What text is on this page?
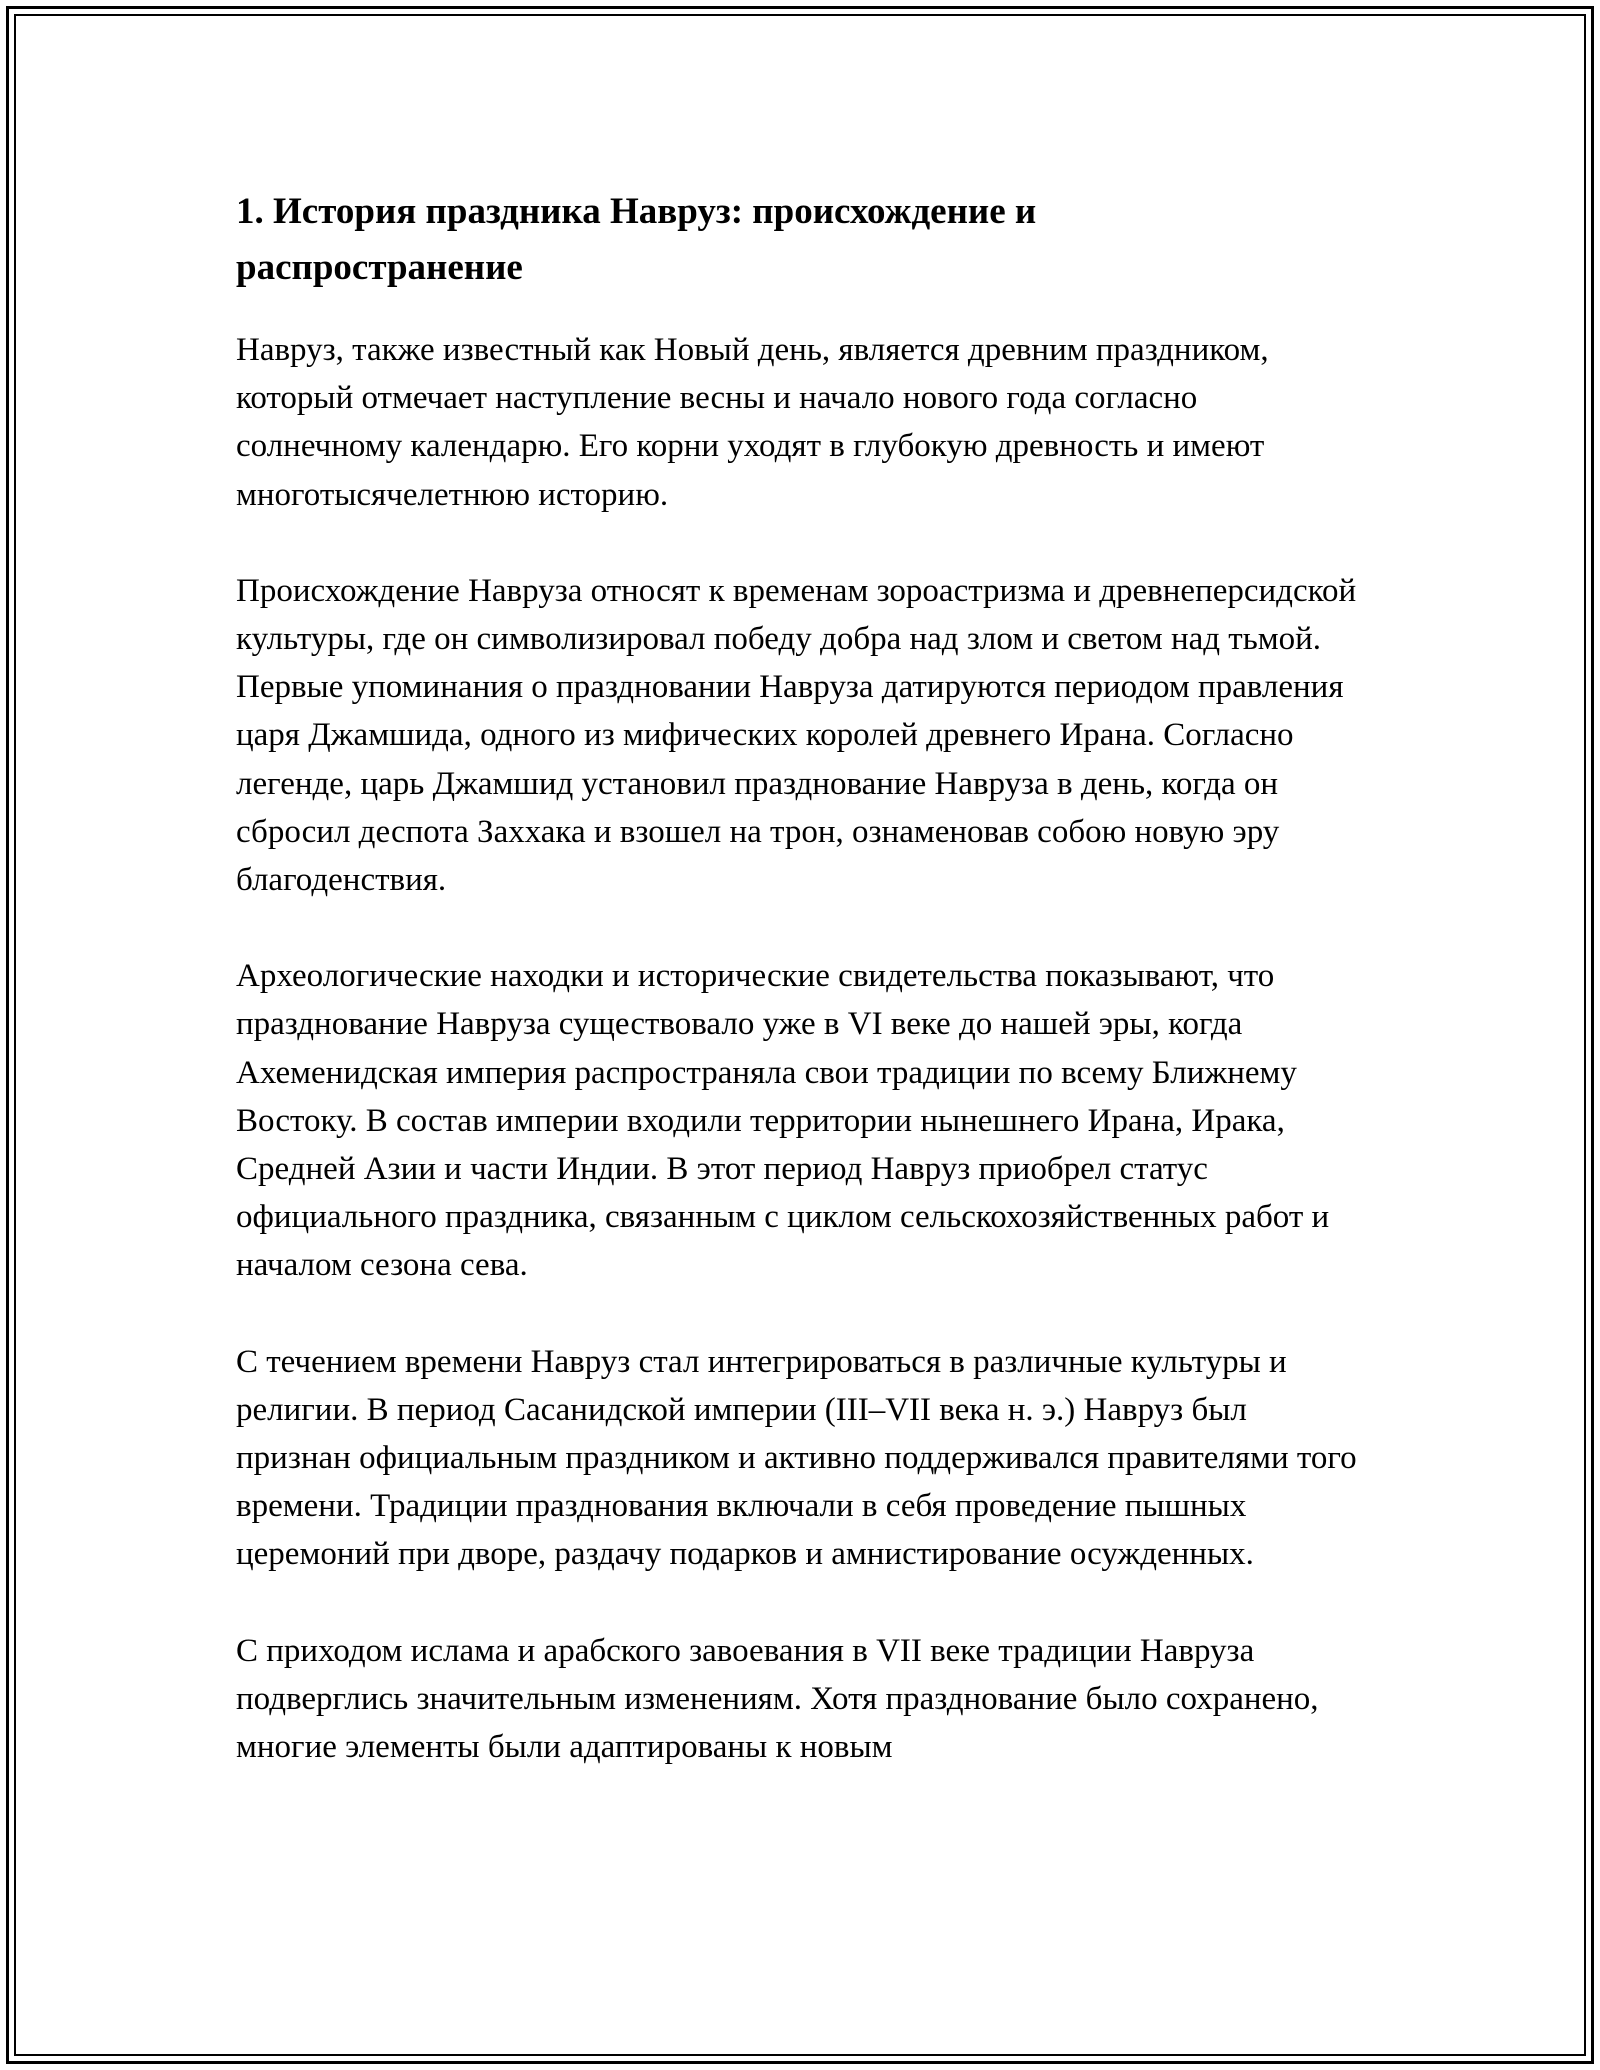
1. История праздника Навруз: происхождение и распространение

Навруз, также известный как Новый день, является древним праздником, который отмечает наступление весны и начало нового года согласно солнечному календарю. Его корни уходят в глубокую древность и имеют многотысячелетнюю историю.

Происхождение Навруза относят к временам зороастризма и древнеперсидской культуры, где он символизировал победу добра над злом и светом над тьмой. Первые упоминания о праздновании Навруза датируются периодом правления царя Джамшида, одного из мифических королей древнего Ирана. Согласно легенде, царь Джамшид установил празднование Навруза в день, когда он сбросил деспота Заххака и взошел на трон, ознаменовав собою новую эру благоденствия.

Археологические находки и исторические свидетельства показывают, что празднование Навруза существовало уже в VI веке до нашей эры, когда Ахеменидская империя распространяла свои традиции по всему Ближнему Востоку. В состав империи входили территории нынешнего Ирана, Ирака, Средней Азии и части Индии. В этот период Навруз приобрел статус официального праздника, связанным с циклом сельскохозяйственных работ и началом сезона сева.

С течением времени Навруз стал интегрироваться в различные культуры и религии. В период Сасанидской империи (III–VII века н. э.) Навруз был признан официальным праздником и активно поддерживался правителями того времени. Традиции празднования включали в себя проведение пышных церемоний при дворе, раздачу подарков и амнистирование осужденных.

С приходом ислама и арабского завоевания в VII веке традиции Навруза подверглись значительным изменениям. Хотя празднование было сохранено, многие элементы были адаптированы к новым
